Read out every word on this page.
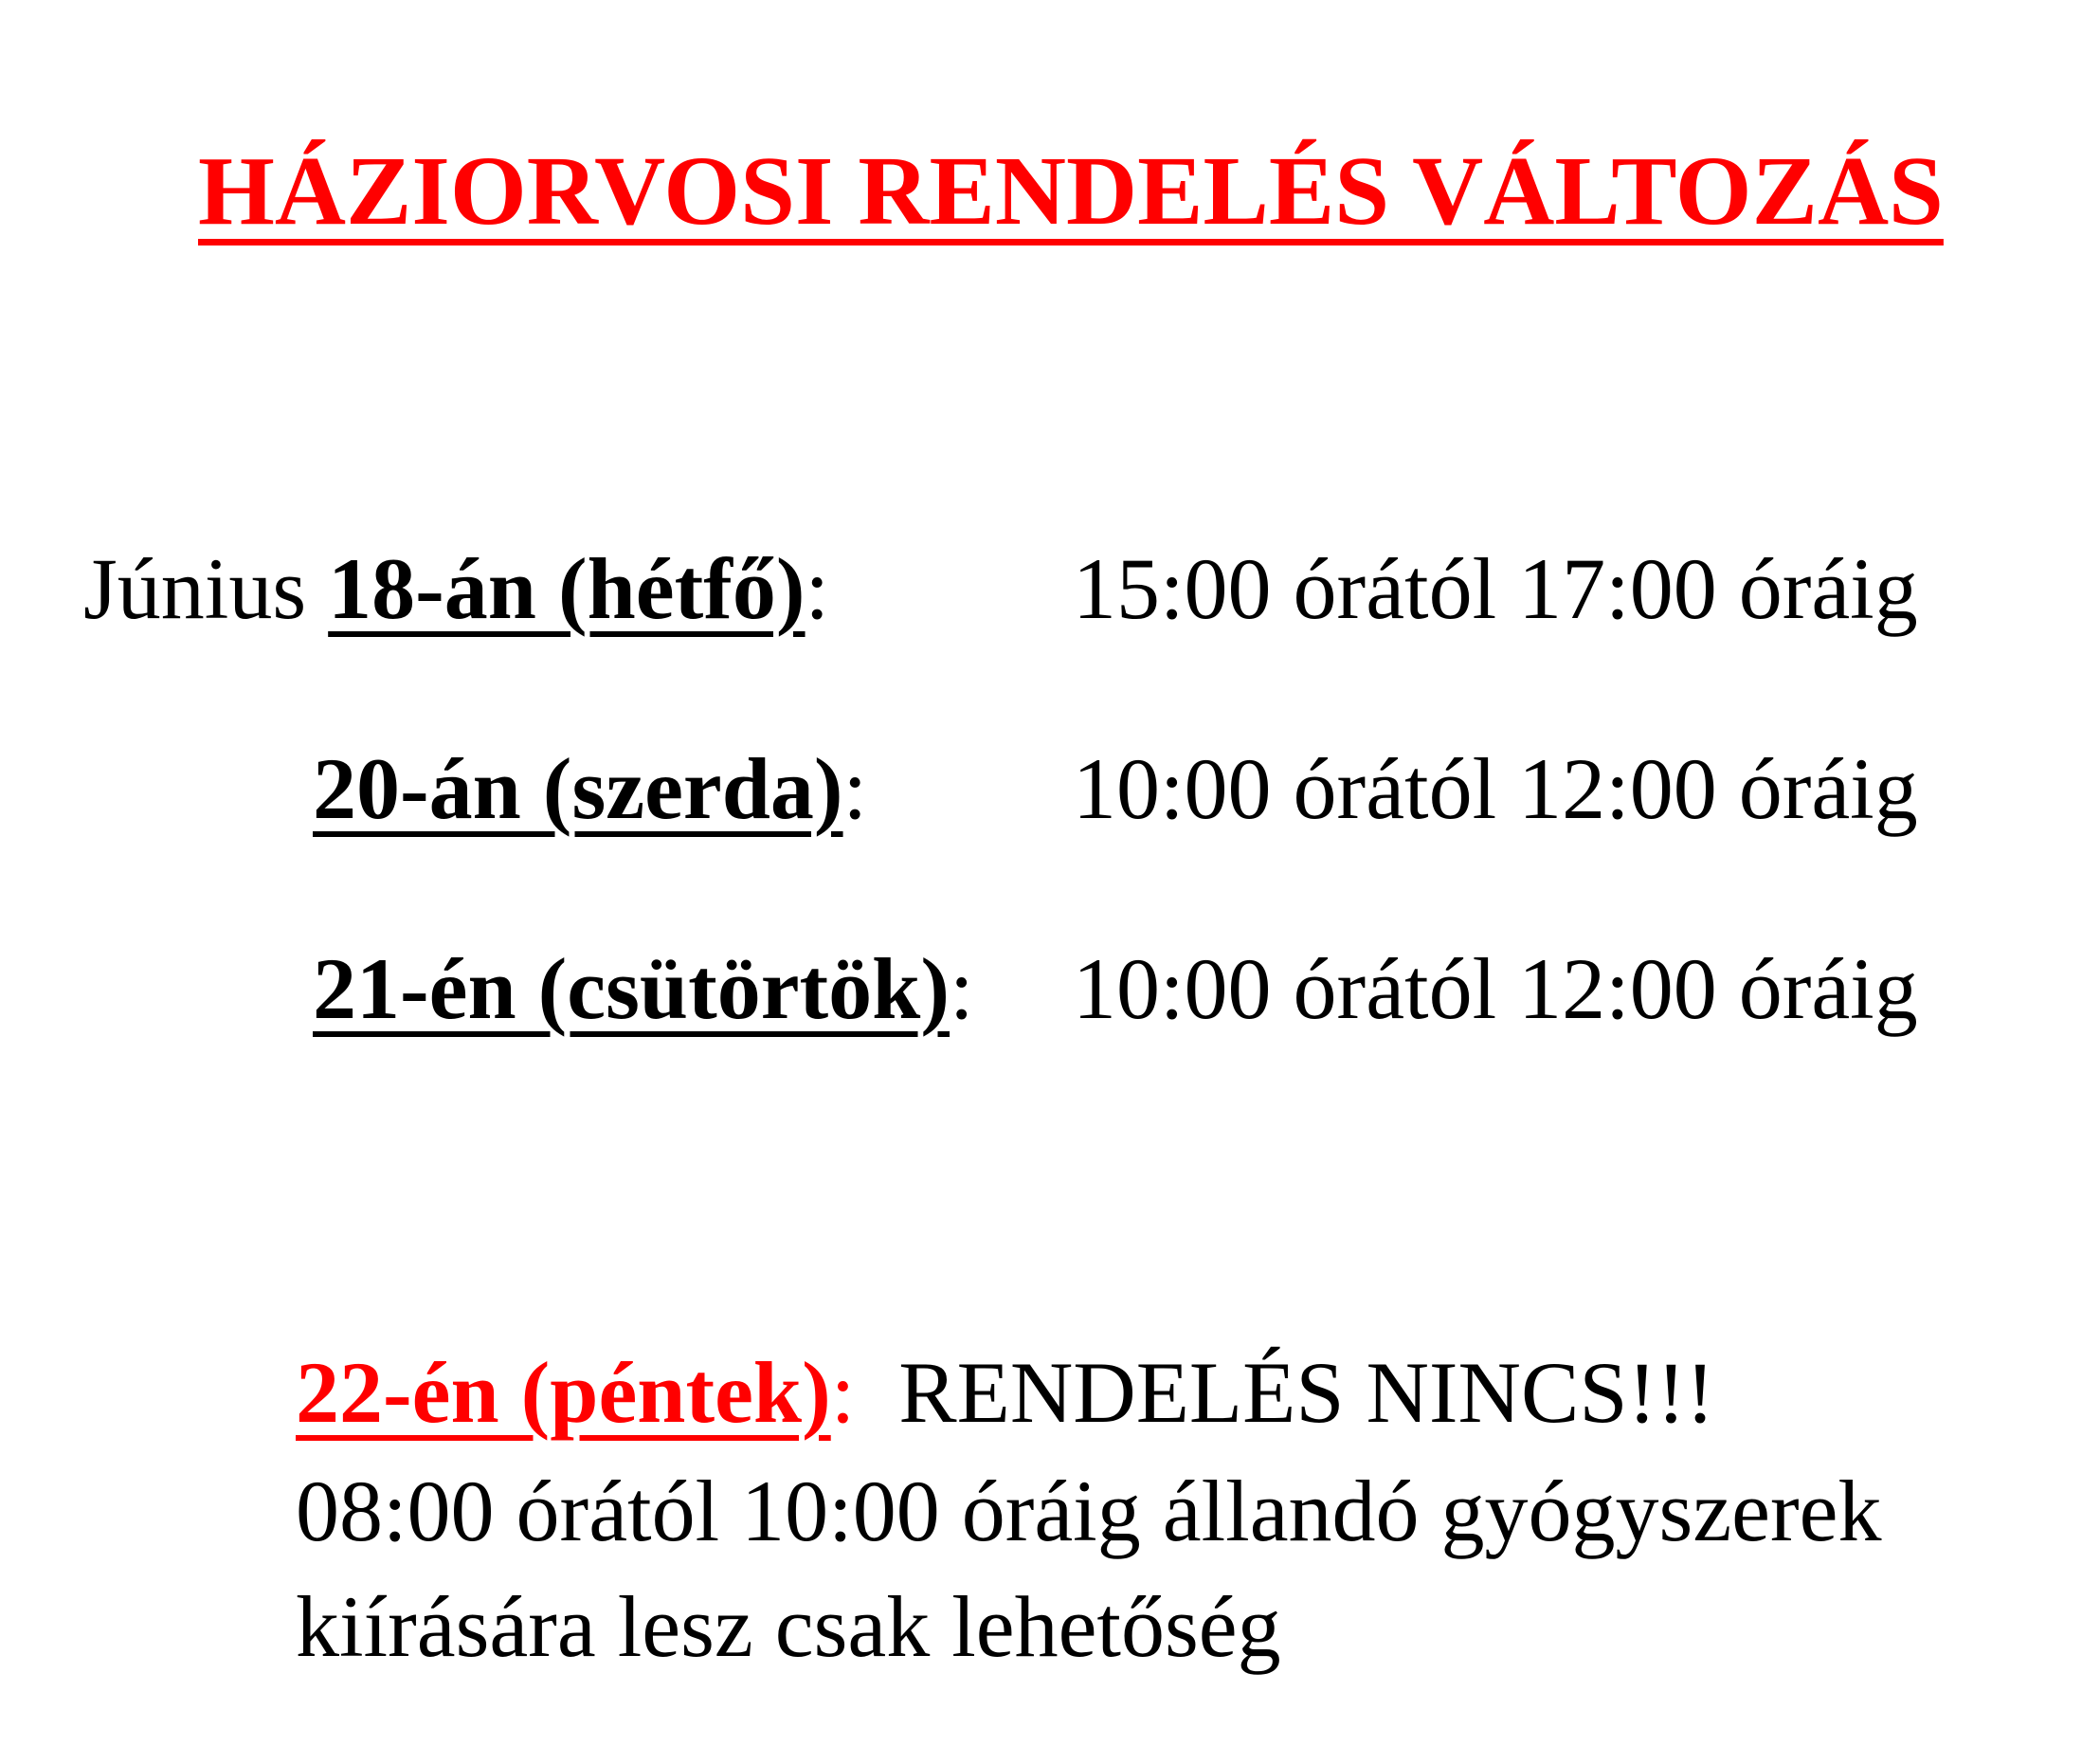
HÁZIORVOSI RENDELÉS VÁLTOZÁS
Június 18-án (hétfő):	15:00 órától 17:00 óráig
20-án (szerda): 10:00 órától 12:00 óráig
21-én (csütörtök): 10:00 órától 12:00 óráig
22-én (péntek): RENDELÉS NINCS!!!
08:00 órától 10:00 óráig állandó gyógyszerek
kiírására lesz csak lehetőség
